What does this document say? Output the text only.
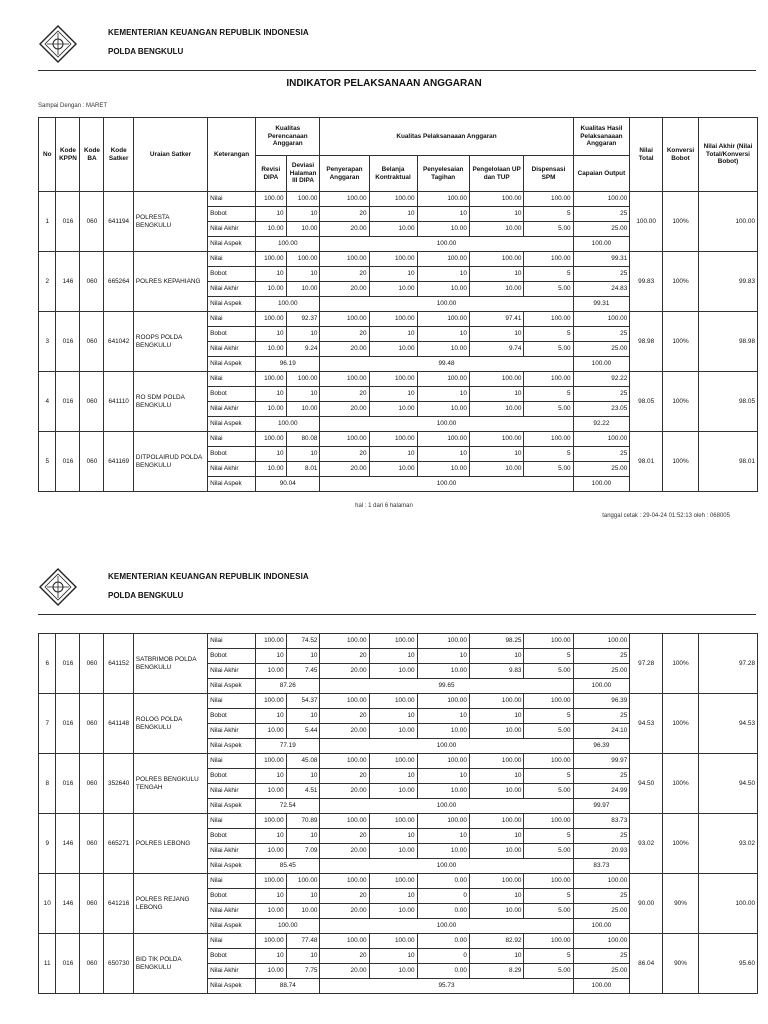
KEMENTERIAN KEUANGAN REPUBLIK INDONESIA
POLDA BENGKULU
INDIKATOR PELAKSANAAN ANGGARAN
Sampai Dengan : MARET
No	Kode KPPN	Kode BA	Kode Satker	Uraian Satker	Keterangan	Kualitas Perencanaan Anggaran		Kualitas Pelaksanaaan Anggaran					Kualitas Hasil Pelaksanaaan Anggaran	Nilai Total	Konversi Bobot	Nilai Akhir (Nilai Total/Konversi Bobot)
						Revisi DIPA	Deviasi Halaman III DIPA	Penyerapan Anggaran	Belanja Kontraktual	Penyelesaian Tagihan	Pengelolaan UP dan TUP	Dispensasi SPM	Capaian Output			
1	016	060	641194	POLRESTA BENGKULU	Nilai	100.00	100.00	100.00	100.00	100.00	100.00	100.00	100.00	100.00	100%	100.00
					Bobot	10	10	20	10	10	10	5	25			
					Nilai Akhir	10.00	10.00	20.00	10.00	10.00	10.00	5.00	25.00			
					Nilai Aspek	100.00		100.00					100.00			
2	146	060	665264	POLRES KEPAHIANG	Nilai	100.00	100.00	100.00	100.00	100.00	100.00	100.00	99.31	99.83	100%	99.83
					Bobot	10	10	20	10	10	10	5	25			
					Nilai Akhir	10.00	10.00	20.00	10.00	10.00	10.00	5.00	24.83			
					Nilai Aspek	100.00		100.00					99.31			
3	016	060	641042	ROOPS POLDA BENGKULU	Nilai	100.00	92.37	100.00	100.00	100.00	97.41	100.00	100.00	98.98	100%	98.98
					Bobot	10	10	20	10	10	10	5	25			
					Nilai Akhir	10.00	9.24	20.00	10.00	10.00	9.74	5.00	25.00			
					Nilai Aspek	96.19		99.48					100.00			
4	016	060	641110	RO SDM POLDA BENGKULU	Nilai	100.00	100.00	100.00	100.00	100.00	100.00	100.00	92.22	98.05	100%	98.05
					Bobot	10	10	20	10	10	10	5	25			
					Nilai Akhir	10.00	10.00	20.00	10.00	10.00	10.00	5.00	23.05			
					Nilai Aspek	100.00		100.00					92.22			
5	016	060	641169	DITPOLAIRUD POLDA BENGKULU	Nilai	100.00	80.08	100.00	100.00	100.00	100.00	100.00	100.00	98.01	100%	98.01
					Bobot	10	10	20	10	10	10	5	25			
					Nilai Akhir	10.00	8.01	20.00	10.00	10.00	10.00	5.00	25.00			
					Nilai Aspek	90.04		100.00					100.00			
hal : 1 dari 6 halaman
tanggal cetak : 29-04-24 01:52:13 oleh : 068005
KEMENTERIAN KEUANGAN REPUBLIK INDONESIA
POLDA BENGKULU
6	016	060	641152	SATBRIMOB POLDA BENGKULU	Nilai	100.00	74.52	100.00	100.00	100.00	98.25	100.00	100.00	97.28	100%	97.28
					Bobot	10	10	20	10	10	10	5	25			
					Nilai Akhir	10.00	7.45	20.00	10.00	10.00	9.83	5.00	25.00			
					Nilai Aspek	87.26		99.65					100.00			
7	016	060	641148	ROLOG POLDA BENGKULU	Nilai	100.00	54.37	100.00	100.00	100.00	100.00	100.00	96.39	94.53	100%	94.53
					Bobot	10	10	20	10	10	10	5	25			
					Nilai Akhir	10.00	5.44	20.00	10.00	10.00	10.00	5.00	24.10			
					Nilai Aspek	77.19		100.00					96.39			
8	016	060	352640	POLRES BENGKULU TENGAH	Nilai	100.00	45.08	100.00	100.00	100.00	100.00	100.00	99.97	94.50	100%	94.50
					Bobot	10	10	20	10	10	10	5	25			
					Nilai Akhir	10.00	4.51	20.00	10.00	10.00	10.00	5.00	24.99			
					Nilai Aspek	72.54		100.00					99.97			
9	146	060	665271	POLRES LEBONG	Nilai	100.00	70.89	100.00	100.00	100.00	100.00	100.00	83.73	93.02	100%	93.02
					Bobot	10	10	20	10	10	10	5	25			
					Nilai Akhir	10.00	7.09	20.00	10.00	10.00	10.00	5.00	20.93			
					Nilai Aspek	85.45		100.00					83.73			
10	146	060	641216	POLRES REJANG LEBONG	Nilai	100.00	100.00	100.00	100.00	0.00	100.00	100.00	100.00	90.00	90%	100.00
					Bobot	10	10	20	10	0	10	5	25			
					Nilai Akhir	10.00	10.00	20.00	10.00	0.00	10.00	5.00	25.00			
					Nilai Aspek	100.00		100.00					100.00			
11	016	060	650730	BID TIK POLDA BENGKULU	Nilai	100.00	77.48	100.00	100.00	0.00	82.92	100.00	100.00	86.04	90%	95.60
					Bobot	10	10	20	10	0	10	5	25			
					Nilai Akhir	10.00	7.75	20.00	10.00	0.00	8.29	5.00	25.00			
					Nilai Aspek	88.74		95.73					100.00			
